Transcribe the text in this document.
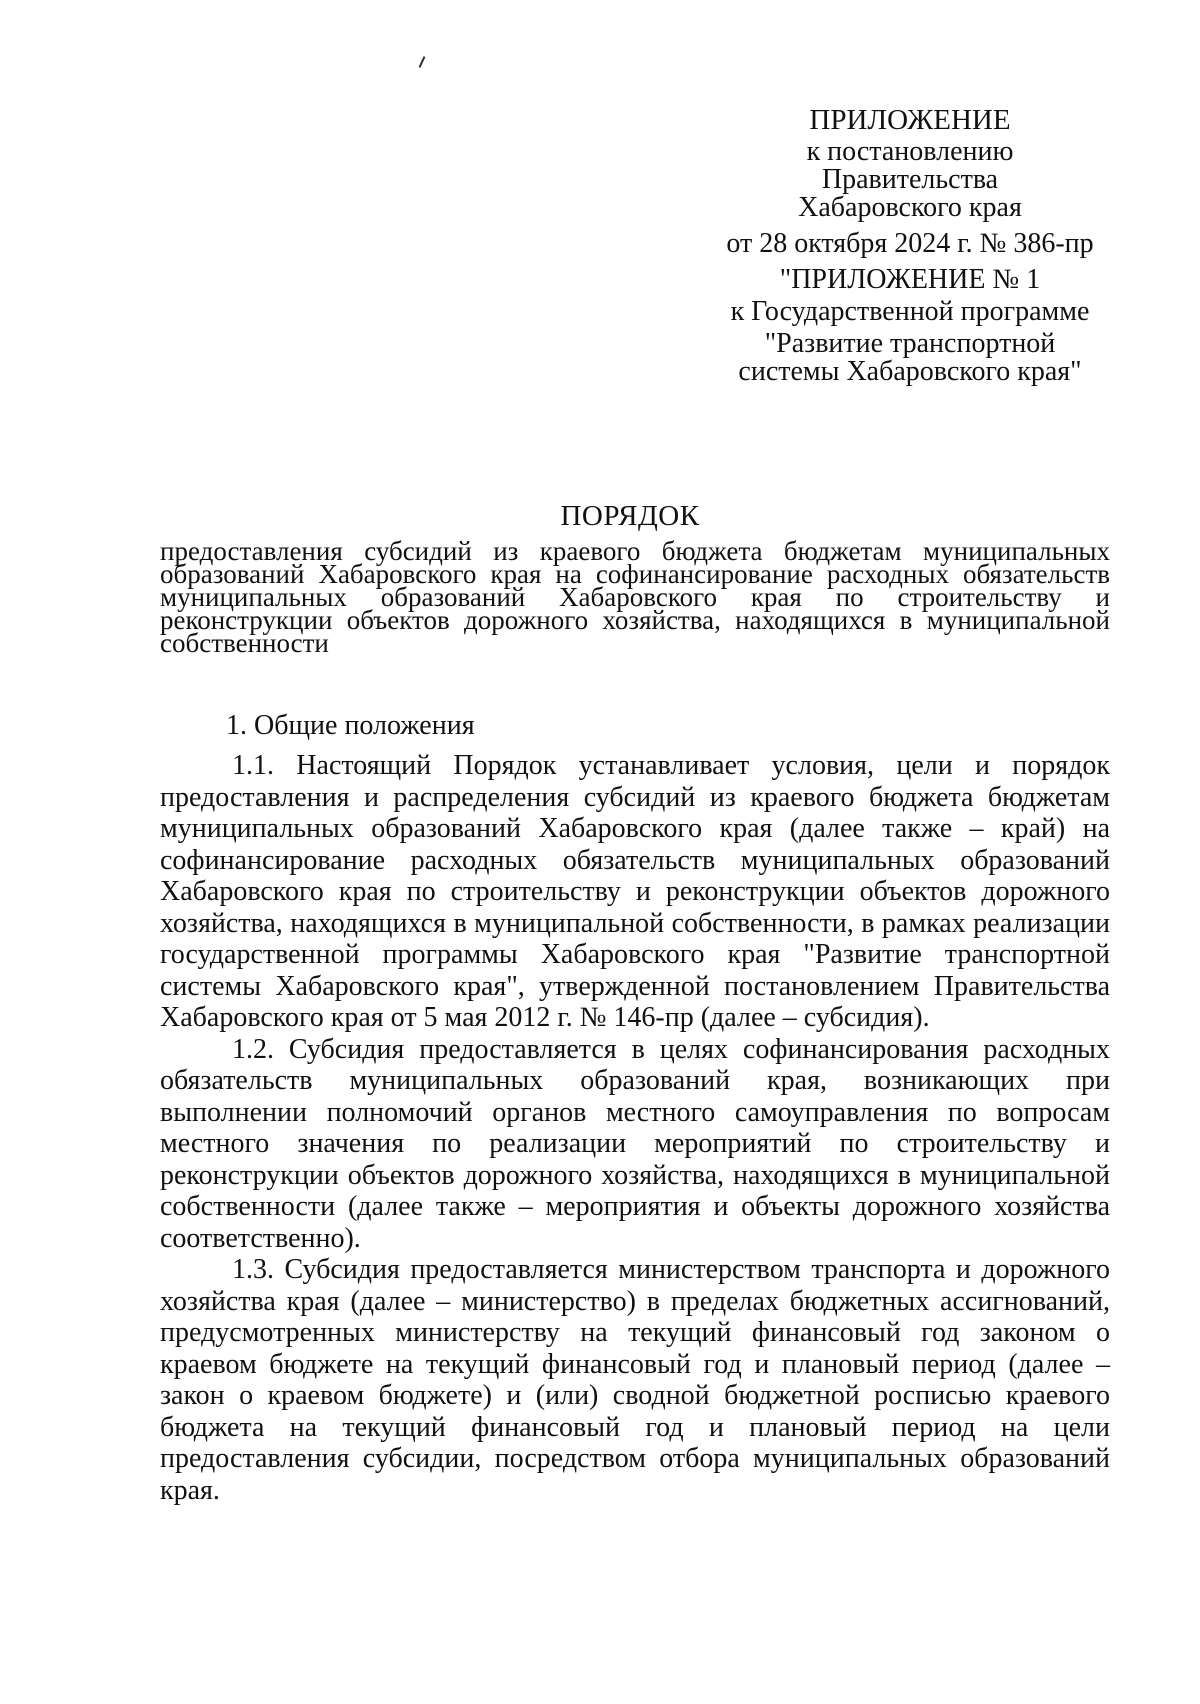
ПРИЛОЖЕНИЕ
к постановлению
Правительства
Хабаровского края
от 28 октября 2024 г. № 386-пр
"ПРИЛОЖЕНИЕ № 1
к Государственной программе
"Развитие транспортной
системы Хабаровского края"
ПОРЯДОК
предоставления субсидий из краевого бюджета бюджетам муниципальных образований Хабаровского края на софинансирование расходных обязательств муниципальных образований Хабаровского края по строительству и реконструкции объектов дорожного хозяйства, находящихся в муниципальной собственности
1. Общие положения

1.1. Настоящий Порядок устанавливает условия, цели и порядок предоставления и распределения субсидий из краевого бюджета бюджетам муниципальных образований Хабаровского края (далее также – край) на софинансирование расходных обязательств муниципальных образований Хабаровского края по строительству и реконструкции объектов дорожного хозяйства, находящихся в муниципальной собственности, в рамках реализации государственной программы Хабаровского края "Развитие транспортной системы Хабаровского края", утвержденной постановлением Правительства Хабаровского края от 5 мая 2012 г. № 146-пр (далее – субсидия).

1.2. Субсидия предоставляется в целях софинансирования расходных обязательств муниципальных образований края, возникающих при выполнении полномочий органов местного самоуправления по вопросам местного значения по реализации мероприятий по строительству и реконструкции объектов дорожного хозяйства, находящихся в муниципальной собственности (далее также – мероприятия и объекты дорожного хозяйства соответственно).

1.3. Субсидия предоставляется министерством транспорта и дорожного хозяйства края (далее – министерство) в пределах бюджетных ассигнований, предусмотренных министерству на текущий финансовый год законом о краевом бюджете на текущий финансовый год и плановый период (далее – закон о краевом бюджете) и (или) сводной бюджетной росписью краевого бюджета на текущий финансовый год и плановый период на цели предоставления субсидии, посредством отбора муниципальных образований края.
